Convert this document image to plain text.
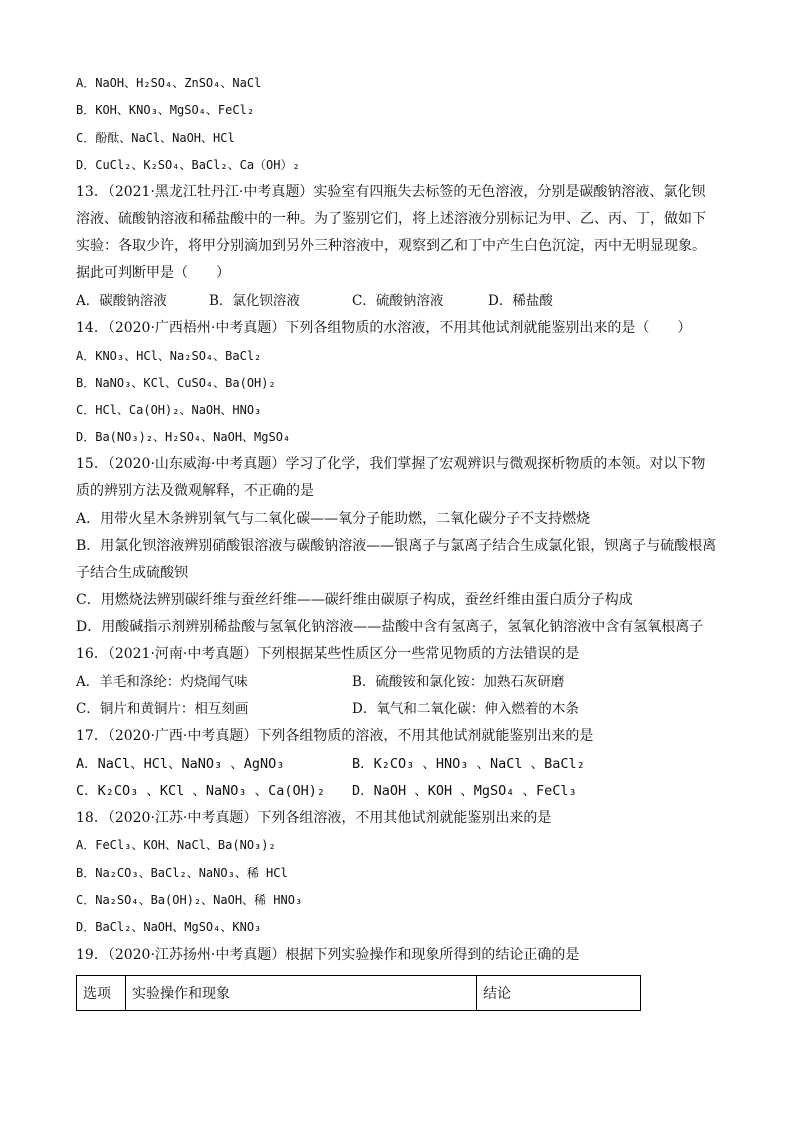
A．NaOH、H₂SO₄、ZnSO₄、NaCl
B．KOH、KNO₃、MgSO₄、FeCl₂
C．酚酞、NaCl、NaOH、HCl
D．CuCl₂、K₂SO₄、BaCl₂、Ca（OH）₂
13．（2021·黑龙江牡丹江·中考真题）实验室有四瓶失去标签的无色溶液，分别是碳酸钠溶液、氯化钡
溶液、硫酸钠溶液和稀盐酸中的一种。为了鉴别它们，将上述溶液分别标记为甲、乙、丙、丁，做如下
实验：各取少许，将甲分别滴加到另外三种溶液中，观察到乙和丁中产生白色沉淀，丙中无明显现象。
据此可判断甲是（　　）
A．碳酸钠溶液	B．氯化钡溶液	C．硫酸钠溶液	D．稀盐酸
14．（2020·广西梧州·中考真题）下列各组物质的水溶液，不用其他试剂就能鉴别出来的是（　　）
A．KNO₃、HCl、Na₂SO₄、BaCl₂
B．NaNO₃、KCl、CuSO₄、Ba(OH)₂
C．HCl、Ca(OH)₂、NaOH、HNO₃
D．Ba(NO₃)₂、H₂SO₄、NaOH、MgSO₄
15．（2020·山东威海·中考真题）学习了化学，我们掌握了宏观辨识与微观探析物质的本领。对以下物
质的辨别方法及微观解释，不正确的是
A．用带火星木条辨别氧气与二氧化碳——氧分子能助燃，二氧化碳分子不支持燃烧
B．用氯化钡溶液辨别硝酸银溶液与碳酸钠溶液——银离子与氯离子结合生成氯化银，钡离子与硫酸根离
子结合生成硫酸钡
C．用燃烧法辨别碳纤维与蚕丝纤维——碳纤维由碳原子构成，蚕丝纤维由蛋白质分子构成
D．用酸碱指示剂辨别稀盐酸与氢氧化钠溶液——盐酸中含有氢离子，氢氧化钠溶液中含有氢氧根离子
16．（2021·河南·中考真题）下列根据某些性质区分一些常见物质的方法错误的是
A．羊毛和涤纶：灼烧闻气味	B．硫酸铵和氯化铵：加熟石灰研磨
C．铜片和黄铜片：相互刻画	D．氧气和二氧化碳：伸入燃着的木条
17．（2020·广西·中考真题）下列各组物质的溶液，不用其他试剂就能鉴别出来的是
A．NaCl、HCl、NaNO₃ 、AgNO₃	B．K₂CO₃ 、HNO₃ 、NaCl 、BaCl₂
C．K₂CO₃ 、KCl 、NaNO₃ 、Ca(OH)₂ D．NaOH 、KOH 、MgSO₄ 、FeCl₃
18．（2020·江苏·中考真题）下列各组溶液，不用其他试剂就能鉴别出来的是
A．FeCl₃、KOH、NaCl、Ba(NO₃)₂
B．Na₂CO₃、BaCl₂、NaNO₃、稀 HCl
C．Na₂SO₄、Ba(OH)₂、NaOH、稀 HNO₃
D．BaCl₂、NaOH、MgSO₄、KNO₃
19．（2020·江苏扬州·中考真题）根据下列实验操作和现象所得到的结论正确的是
选项	实验操作和现象	结论
